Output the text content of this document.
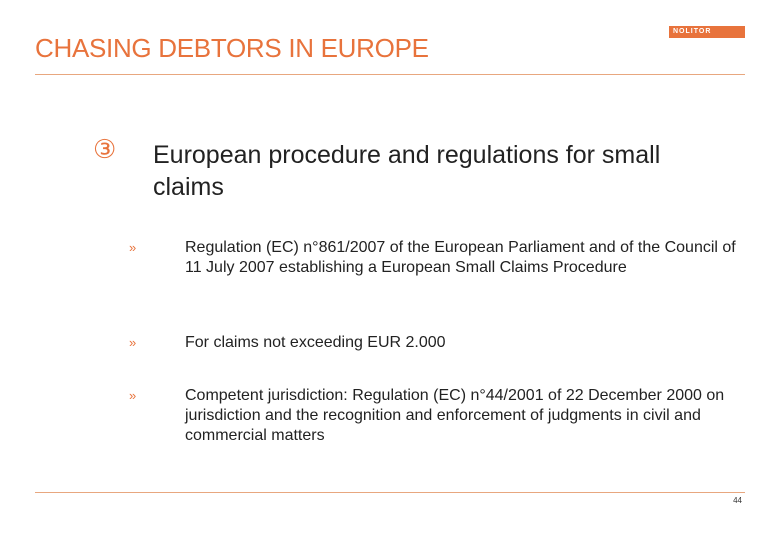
NOLITOR
CHASING DEBTORS IN EUROPE
③ European procedure and regulations for small claims
»	Regulation (EC) n°861/2007 of the European Parliament and of the Council of 11 July 2007 establishing a European Small Claims Procedure
»	For claims not exceeding EUR 2.000
»	Competent jurisdiction: Regulation (EC) n°44/2001 of 22 December 2000 on jurisdiction and the recognition and enforcement of judgments in civil and commercial matters
44
